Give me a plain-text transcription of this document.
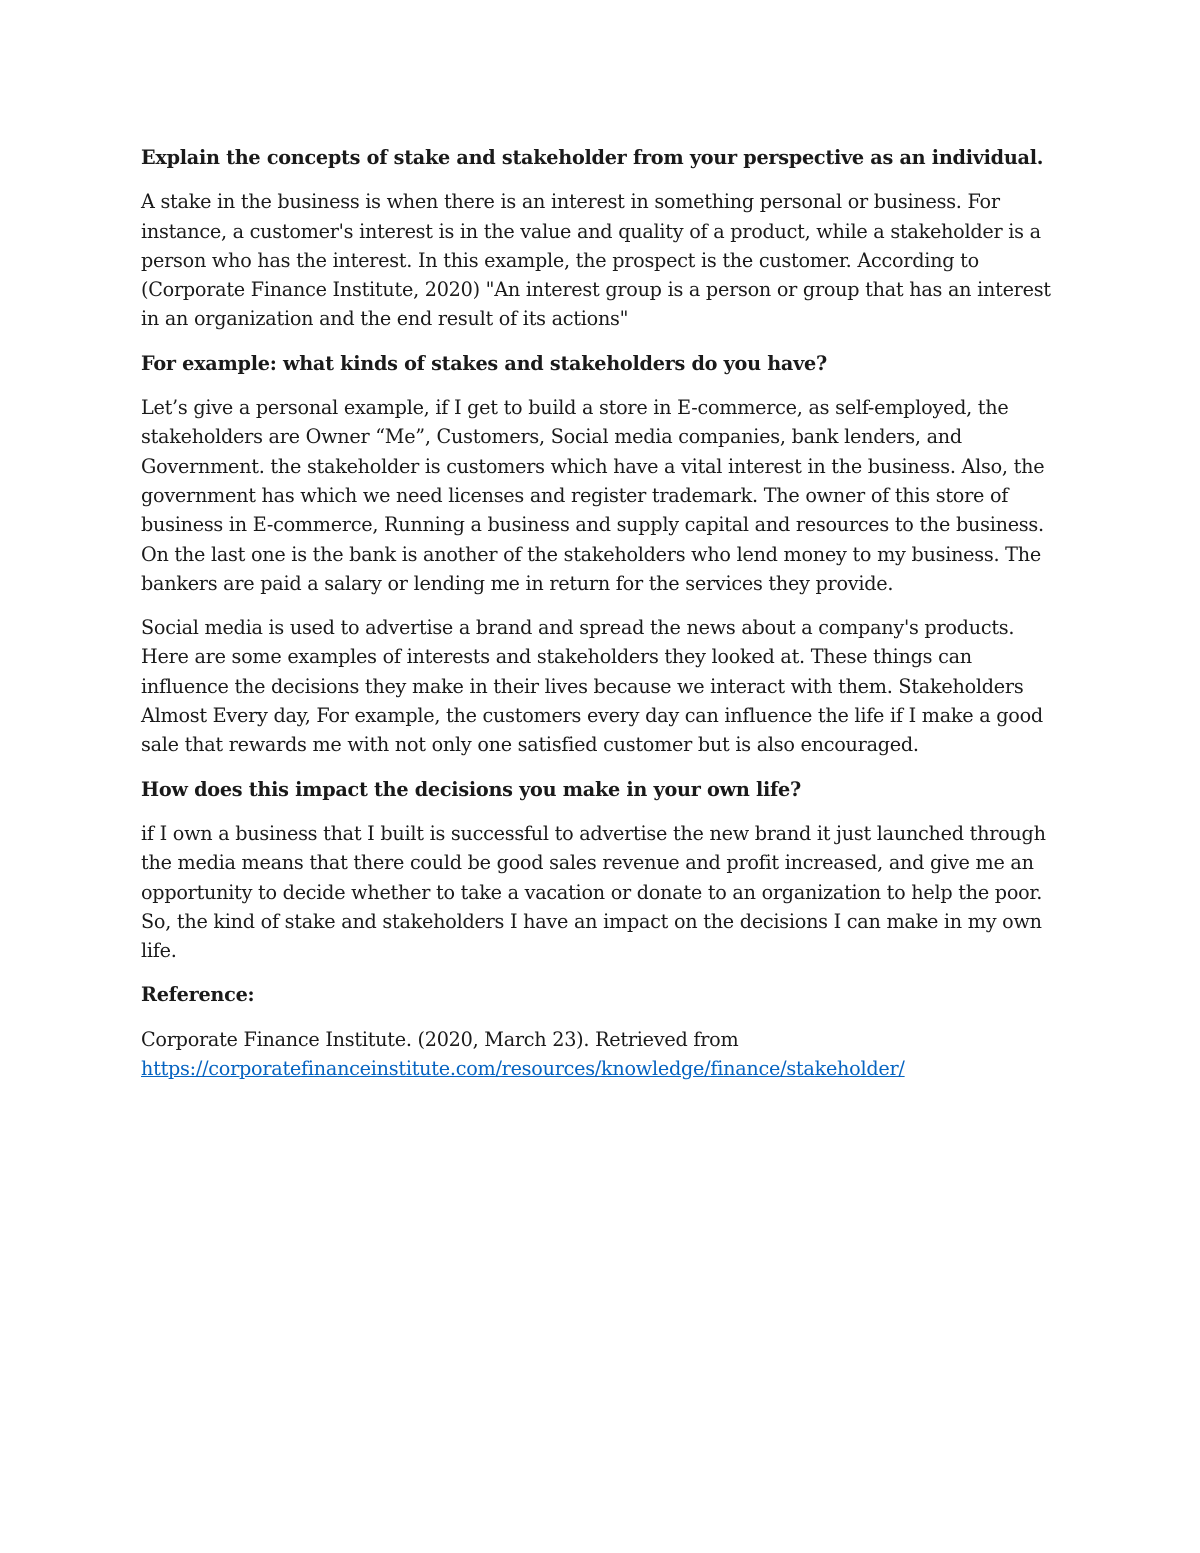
Explain the concepts of stake and stakeholder from your perspective as an individual.

A stake in the business is when there is an interest in something personal or business. For instance, a customer's interest is in the value and quality of a product, while a stakeholder is a person who has the interest. In this example, the prospect is the customer. According to (Corporate Finance Institute, 2020) "An interest group is a person or group that has an interest in an organization and the end result of its actions"

For example: what kinds of stakes and stakeholders do you have?

Let’s give a personal example, if I get to build a store in E-commerce, as self-employed, the stakeholders are Owner “Me”, Customers, Social media companies, bank lenders, and Government. the stakeholder is customers which have a vital interest in the business. Also, the government has which we need licenses and register trademark. The owner of this store of business in E-commerce, Running a business and supply capital and resources to the business. On the last one is the bank is another of the stakeholders who lend money to my business. The bankers are paid a salary or lending me in return for the services they provide.

Social media is used to advertise a brand and spread the news about a company's products. Here are some examples of interests and stakeholders they looked at. These things can influence the decisions they make in their lives because we interact with them. Stakeholders Almost Every day, For example, the customers every day can influence the life if I make a good sale that rewards me with not only one satisfied customer but is also encouraged.

How does this impact the decisions you make in your own life?

if I own a business that I built is successful to advertise the new brand it just launched through the media means that there could be good sales revenue and profit increased, and give me an opportunity to decide whether to take a vacation or donate to an organization to help the poor. So, the kind of stake and stakeholders I have an impact on the decisions I can make in my own life.

Reference:

Corporate Finance Institute. (2020, March 23). Retrieved from
https://corporatefinanceinstitute.com/resources/knowledge/finance/stakeholder/
